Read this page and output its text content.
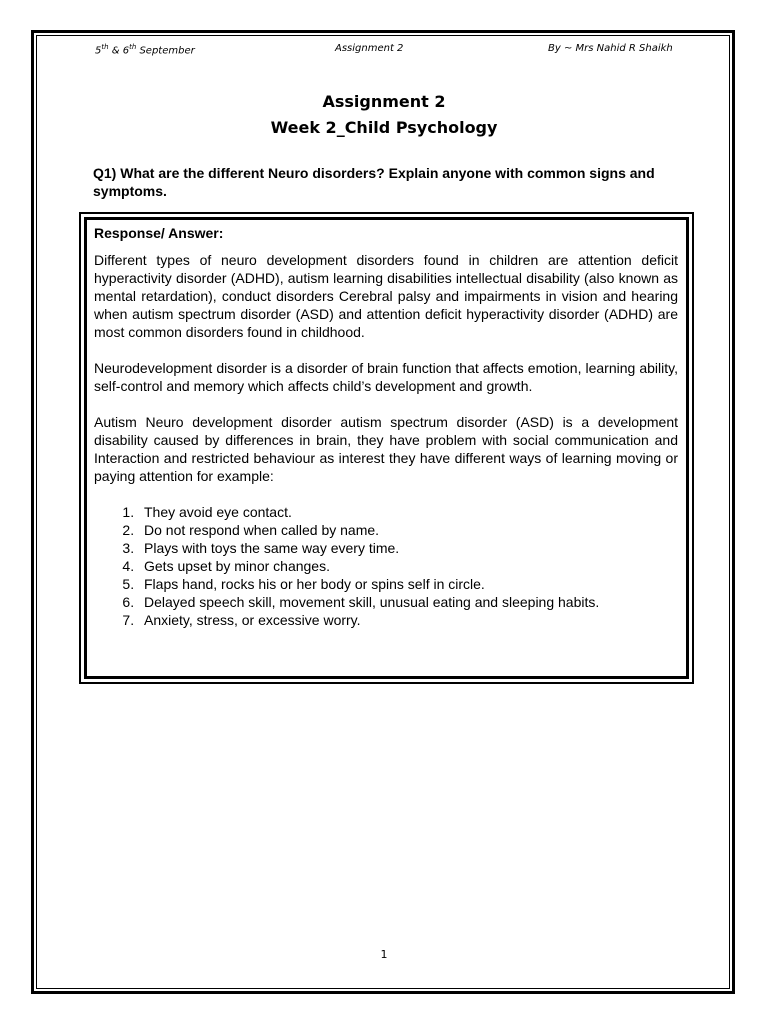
5th & 6th September	Assignment 2	By ~ Mrs Nahid R Shaikh
Assignment 2
Week 2_Child Psychology
Q1) What are the different Neuro disorders? Explain anyone with common signs and symptoms.
Response/ Answer:

Different types of neuro development disorders found in children are attention deficit hyperactivity disorder (ADHD), autism learning disabilities intellectual disability (also known as mental retardation), conduct disorders Cerebral palsy and impairments in vision and hearing when autism spectrum disorder (ASD) and attention deficit hyperactivity disorder (ADHD) are most common disorders found in childhood.

Neurodevelopment disorder is a disorder of brain function that affects emotion, learning ability, self-control and memory which affects child’s development and growth.

Autism Neuro development disorder autism spectrum disorder (ASD) is a development disability caused by differences in brain, they have problem with social communication and Interaction and restricted behaviour as interest they have different ways of learning moving or paying attention for example:

1. They avoid eye contact.
2. Do not respond when called by name.
3. Plays with toys the same way every time.
4. Gets upset by minor changes.
5. Flaps hand, rocks his or her body or spins self in circle.
6. Delayed speech skill, movement skill, unusual eating and sleeping habits.
7. Anxiety, stress, or excessive worry.
1
